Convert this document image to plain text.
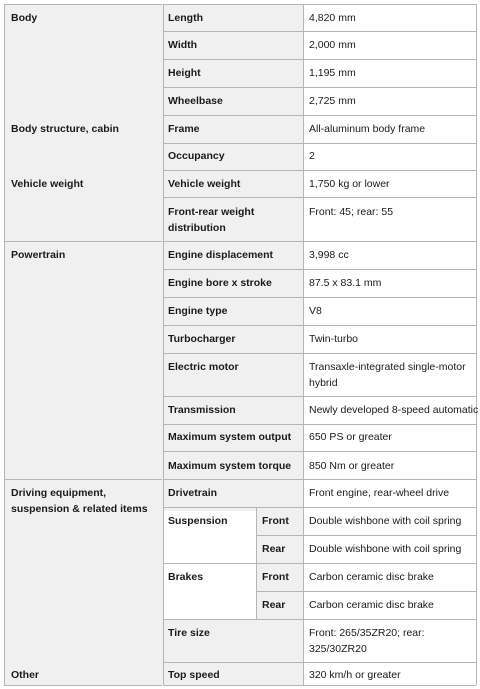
Body
Body structure, cabin
Vehicle weight
Powertrain
Driving equipment, suspension & related items
Other
Length
Width
Height
Wheelbase
Frame
Occupancy
Vehicle weight
Front-rear weight distribution
Engine displacement
Engine bore x stroke
Engine type
Turbocharger
Electric motor
Transmission
Maximum system output
Maximum system torque
Drivetrain
Suspension
Brakes
Tire size
Top speed
Front
Rear
Front
Rear
4,820 mm
2,000 mm
1,195 mm
2,725 mm
All-aluminum body frame
2
1,750 kg or lower
Front: 45; rear: 55
3,998 cc
87.5 x 83.1 mm
V8
Twin-turbo
Transaxle-integrated single-motor hybrid
Newly developed 8-speed automatic
650 PS or greater
850 Nm or greater
Front engine, rear-wheel drive
Double wishbone with coil spring
Double wishbone with coil spring
Carbon ceramic disc brake
Carbon ceramic disc brake
Front: 265/35ZR20; rear: 325/30ZR20
320 km/h or greater
